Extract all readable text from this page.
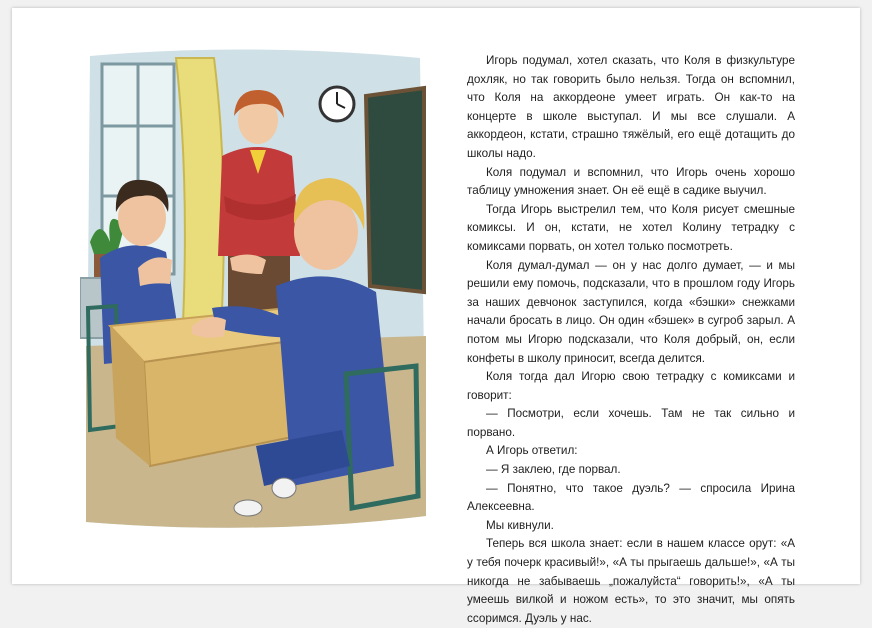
Игорь подумал, хотел сказать, что Коля в физкультуре дохляк, но так говорить было нельзя. Тогда он вспомнил, что Коля на аккордеоне умеет играть. Он как-то на концерте в школе выступал. И мы все слушали. А аккордеон, кстати, страшно тяжёлый, его ещё дотащить до школы надо.

Коля подумал и вспомнил, что Игорь очень хорошо таблицу умножения знает. Он её ещё в садике выучил.

Тогда Игорь выстрелил тем, что Коля рисует смешные комиксы. И он, кстати, не хотел Колину тетрадку с комиксами порвать, он хотел только посмотреть.

Коля думал-думал — он у нас долго думает, — и мы решили ему помочь, подсказали, что в прошлом году Игорь за наших девчонок заступился, когда «бэшки» снежками начали бросать в лицо. Он один «бэшек» в сугроб зарыл. А потом мы Игорю подсказали, что Коля добрый, он, если конфеты в школу приносит, всегда делится.

Коля тогда дал Игорю свою тетрадку с комиксами и говорит:

— Посмотри, если хочешь. Там не так сильно и порвано.

А Игорь ответил:

— Я заклею, где порвал.

— Понятно, что такое дуэль? — спросила Ирина Алексеевна.

Мы кивнули.

Теперь вся школа знает: если в нашем классе орут: «А у тебя почерк красивый!», «А ты прыгаешь дальше!», «А ты никогда не забываешь „пожалуйста“ говорить!», «А ты умеешь вилкой и ножом есть», то это значит, мы опять ссоримся. Дуэль у нас.
